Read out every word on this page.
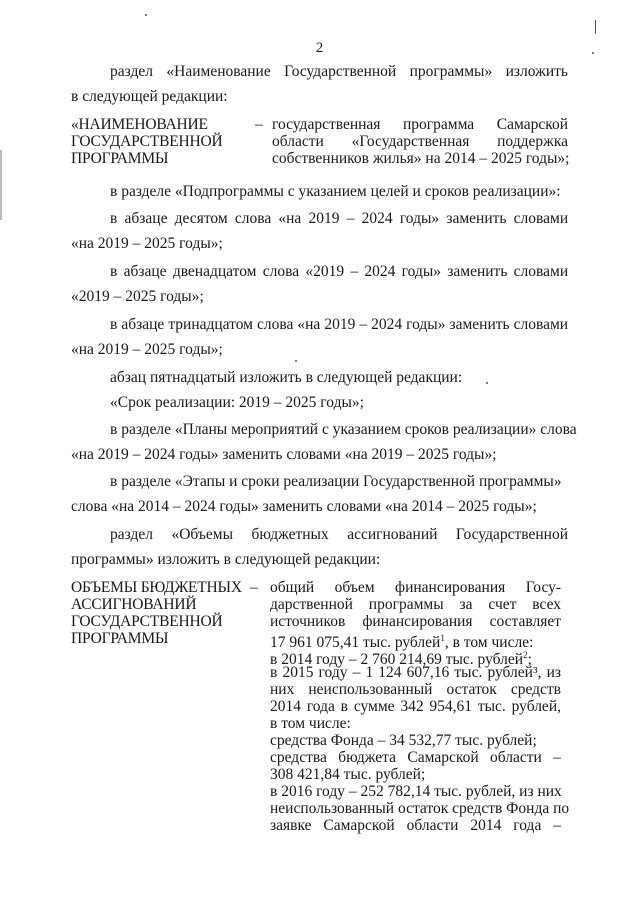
2
раздел «Наименование Государственной программы» изложить
в следующей редакции:
«НАИМЕНОВАНИЕ
ГОСУДАРСТВЕННОЙ
ПРОГРАММЫ
– государственная программа Самарской
области «Государственная поддержка
собственников жилья» на 2014 – 2025 годы»;
в разделе «Подпрограммы с указанием целей и сроков реализации»:
в абзаце десятом слова «на 2019 – 2024 годы» заменить словами
«на 2019 – 2025 годы»;
в абзаце двенадцатом слова «2019 – 2024 годы» заменить словами
«2019 – 2025 годы»;
в абзаце тринадцатом слова «на 2019 – 2024 годы» заменить словами
«на 2019 – 2025 годы»;
абзац пятнадцатый изложить в следующей редакции:
«Срок реализации: 2019 – 2025 годы»;
в разделе «Планы мероприятий с указанием сроков реализации» слова
«на 2019 – 2024 годы» заменить словами «на 2019 – 2025 годы»;
в разделе «Этапы и сроки реализации Государственной программы»
слова «на 2014 – 2024 годы» заменить словами «на 2014 – 2025 годы»;
раздел «Объемы бюджетных ассигнований Государственной
программы» изложить в следующей редакции:
ОБЪЕМЫ БЮДЖЕТНЫХ
АССИГНОВАНИЙ
ГОСУДАРСТВЕННОЙ
ПРОГРАММЫ
– общий объем финансирования Госу-
дарственной программы за счет всех
источников финансирования составляет
17 961 075,41 тыс. рублей$^1$, в том числе:
в 2014 году – 2 760 214,69 тыс. рублей$^2$;
в 2015 году – 1 124 607,16 тыс. рублей³, из
них неиспользованный остаток средств
2014 года в сумме 342 954,61 тыс. рублей,
в том числе:
средства Фонда – 34 532,77 тыс. рублей;
средства бюджета Самарской области –
308 421,84 тыс. рублей;
в 2016 году – 252 782,14 тыс. рублей, из них
неиспользованный остаток средств Фонда по
заявке Самарской области 2014 года –
